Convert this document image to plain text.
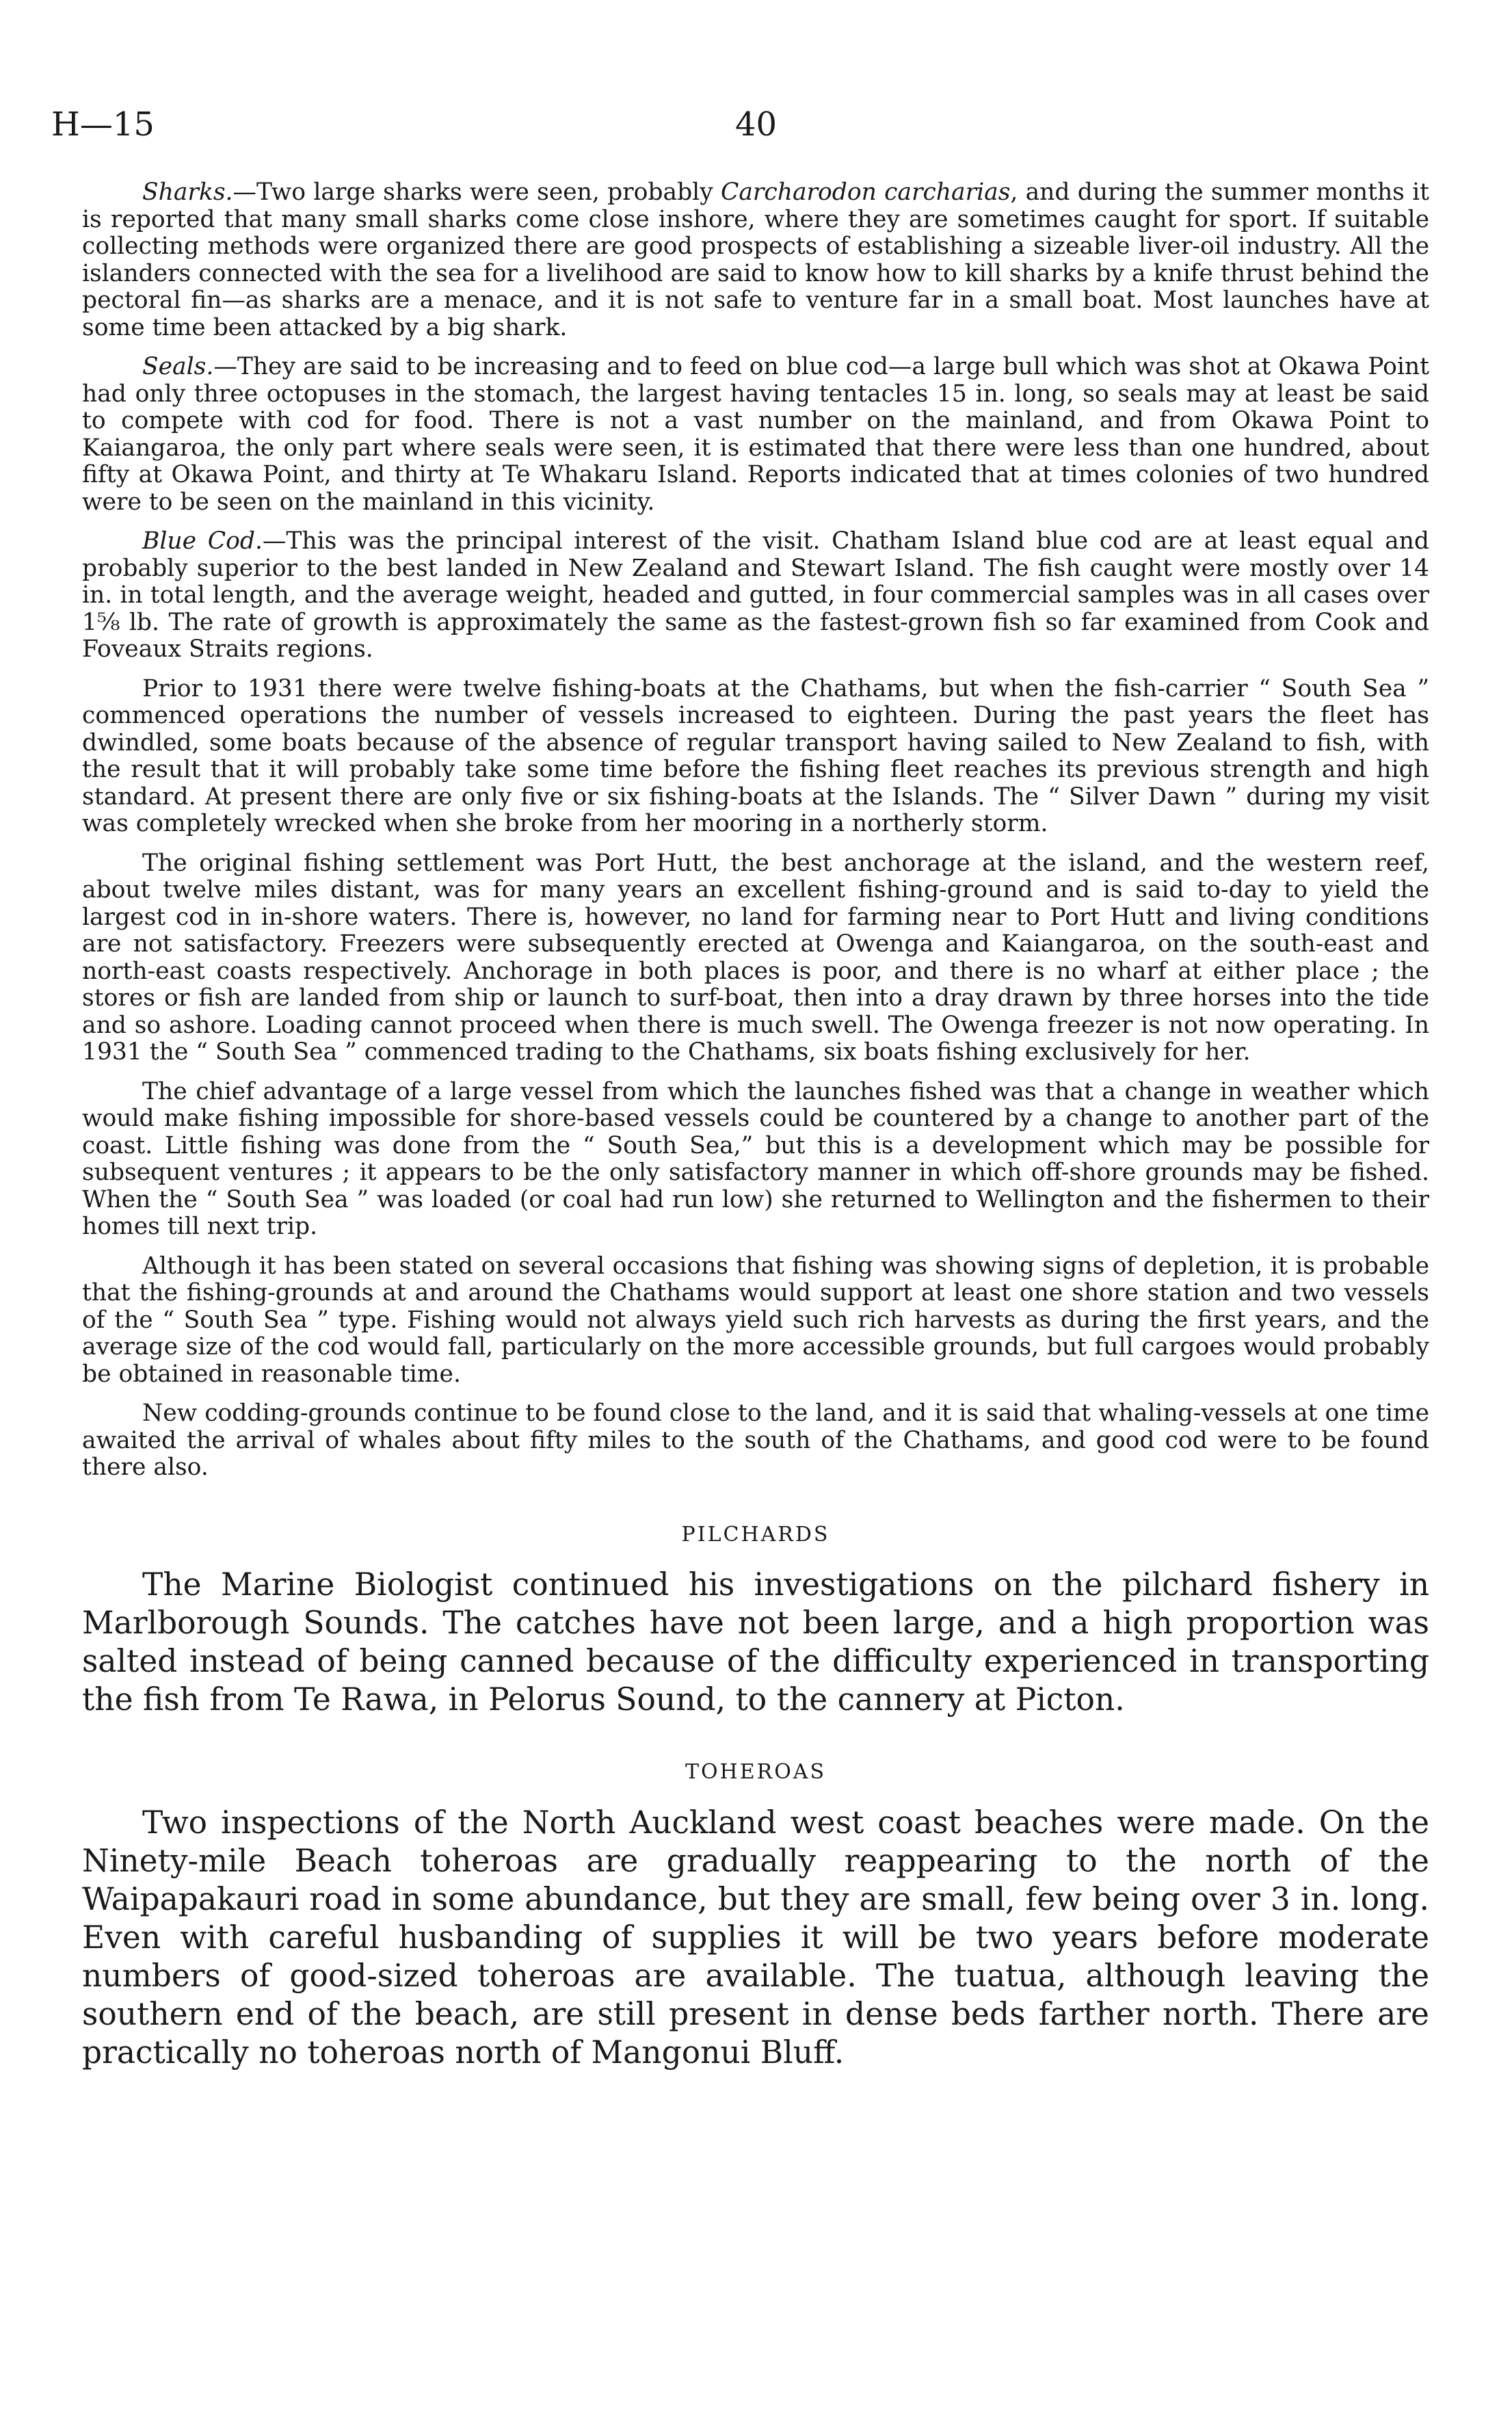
H—15	40

Sharks.—Two large sharks were seen, probably Carcharodon carcharias, and during the summer months it is reported that many small sharks come close inshore, where they are sometimes caught for sport. If suitable collecting methods were organized there are good prospects of establishing a sizeable liver-oil industry. All the islanders connected with the sea for a livelihood are said to know how to kill sharks by a knife thrust behind the pectoral fin—as sharks are a menace, and it is not safe to venture far in a small boat. Most launches have at some time been attacked by a big shark.

Seals.—They are said to be increasing and to feed on blue cod—a large bull which was shot at Okawa Point had only three octopuses in the stomach, the largest having tentacles 15 in. long, so seals may at least be said to compete with cod for food. There is not a vast number on the mainland, and from Okawa Point to Kaiangaroa, the only part where seals were seen, it is estimated that there were less than one hundred, about fifty at Okawa Point, and thirty at Te Whakaru Island. Reports indicated that at times colonies of two hundred were to be seen on the mainland in this vicinity.

Blue Cod.—This was the principal interest of the visit. Chatham Island blue cod are at least equal and probably superior to the best landed in New Zealand and Stewart Island. The fish caught were mostly over 14 in. in total length, and the average weight, headed and gutted, in four commercial samples was in all cases over 1⅝ lb. The rate of growth is approximately the same as the fastest-grown fish so far examined from Cook and Foveaux Straits regions.

Prior to 1931 there were twelve fishing-boats at the Chathams, but when the fish-carrier “ South Sea ” commenced operations the number of vessels increased to eighteen. During the past years the fleet has dwindled, some boats because of the absence of regular transport having sailed to New Zealand to fish, with the result that it will probably take some time before the fishing fleet reaches its previous strength and high standard. At present there are only five or six fishing-boats at the Islands. The “ Silver Dawn ” during my visit was completely wrecked when she broke from her mooring in a northerly storm.

The original fishing settlement was Port Hutt, the best anchorage at the island, and the western reef, about twelve miles distant, was for many years an excellent fishing-ground and is said to-day to yield the largest cod in in-shore waters. There is, however, no land for farming near to Port Hutt and living conditions are not satisfactory. Freezers were subsequently erected at Owenga and Kaiangaroa, on the south-east and north-east coasts respectively. Anchorage in both places is poor, and there is no wharf at either place ; the stores or fish are landed from ship or launch to surf-boat, then into a dray drawn by three horses into the tide and so ashore. Loading cannot proceed when there is much swell. The Owenga freezer is not now operating. In 1931 the “ South Sea ” commenced trading to the Chathams, six boats fishing exclusively for her.

The chief advantage of a large vessel from which the launches fished was that a change in weather which would make fishing impossible for shore-based vessels could be countered by a change to another part of the coast. Little fishing was done from the “ South Sea,” but this is a development which may be possible for subsequent ventures ; it appears to be the only satisfactory manner in which off-shore grounds may be fished. When the “ South Sea ” was loaded (or coal had run low) she returned to Wellington and the fishermen to their homes till next trip.

Although it has been stated on several occasions that fishing was showing signs of depletion, it is probable that the fishing-grounds at and around the Chathams would support at least one shore station and two vessels of the “ South Sea ” type. Fishing would not always yield such rich harvests as during the first years, and the average size of the cod would fall, particularly on the more accessible grounds, but full cargoes would probably be obtained in reasonable time.

New codding-grounds continue to be found close to the land, and it is said that whaling-vessels at one time awaited the arrival of whales about fifty miles to the south of the Chathams, and good cod were to be found there also.

PILCHARDS

The Marine Biologist continued his investigations on the pilchard fishery in Marlborough Sounds. The catches have not been large, and a high proportion was salted instead of being canned because of the difficulty experienced in transporting the fish from Te Rawa, in Pelorus Sound, to the cannery at Picton.

TOHEROAS

Two inspections of the North Auckland west coast beaches were made. On the Ninety-mile Beach toheroas are gradually reappearing to the north of the Waipapakauri road in some abundance, but they are small, few being over 3 in. long. Even with careful husbanding of supplies it will be two years before moderate numbers of good-sized toheroas are available. The tuatua, although leaving the southern end of the beach, are still present in dense beds farther north. There are practically no toheroas north of Mangonui Bluff.
